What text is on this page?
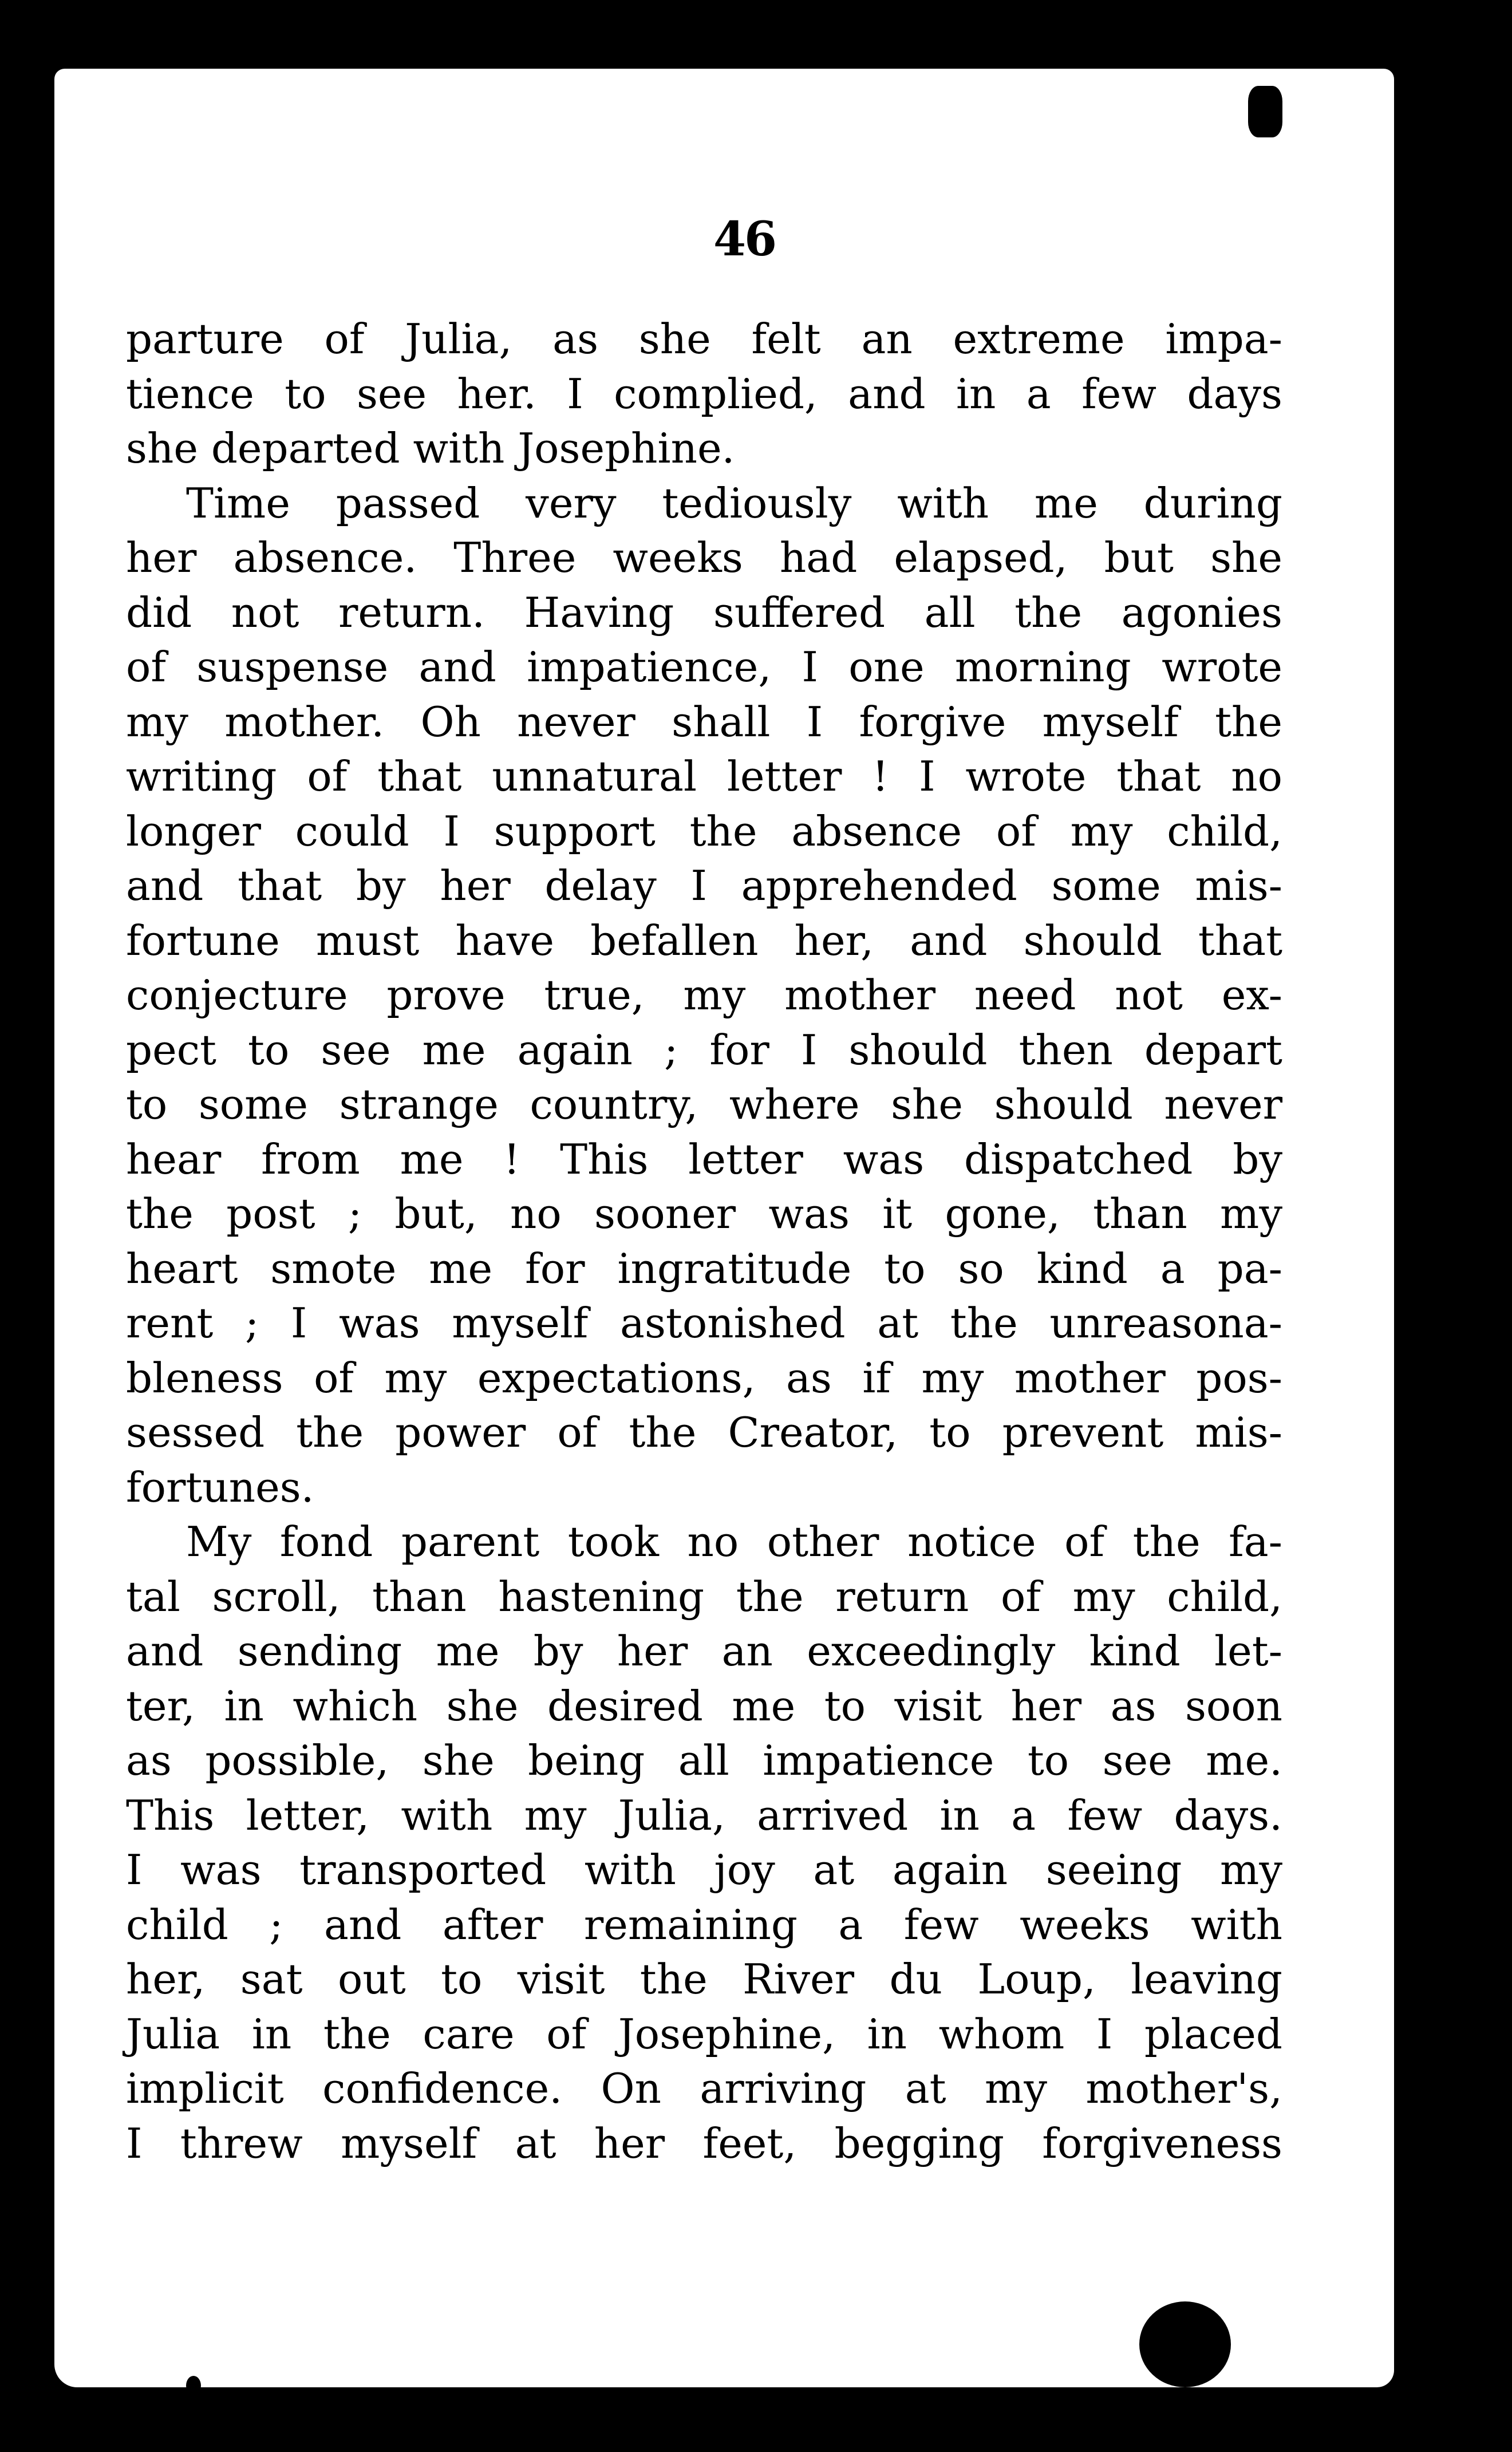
46
parture of Julia, as she felt an extreme impa-
tience to see her. I complied, and in a few days
she departed with Josephine.
Time passed very tediously with me during
her absence. Three weeks had elapsed, but she
did not return. Having suffered all the agonies
of suspense and impatience, I one morning wrote
my mother. Oh never shall I forgive myself the
writing of that unnatural letter ! I wrote that no
longer could I support the absence of my child,
and that by her delay I apprehended some mis-
fortune must have befallen her, and should that
conjecture prove true, my mother need not ex-
pect to see me again ; for I should then depart
to some strange country, where she should never
hear from me ! This letter was dispatched by
the post ; but, no sooner was it gone, than my
heart smote me for ingratitude to so kind a pa-
rent ; I was myself astonished at the unreasona-
bleness of my expectations, as if my mother pos-
sessed the power of the Creator, to prevent mis-
fortunes.
My fond parent took no other notice of the fa-
tal scroll, than hastening the return of my child,
and sending me by her an exceedingly kind let-
ter, in which she desired me to visit her as soon
as possible, she being all impatience to see me.
This letter, with my Julia, arrived in a few days.
I was transported with joy at again seeing my
child ; and after remaining a few weeks with
her, sat out to visit the River du Loup, leaving
Julia in the care of Josephine, in whom I placed
implicit confidence. On arriving at my mother's,
I threw myself at her feet, begging forgiveness
